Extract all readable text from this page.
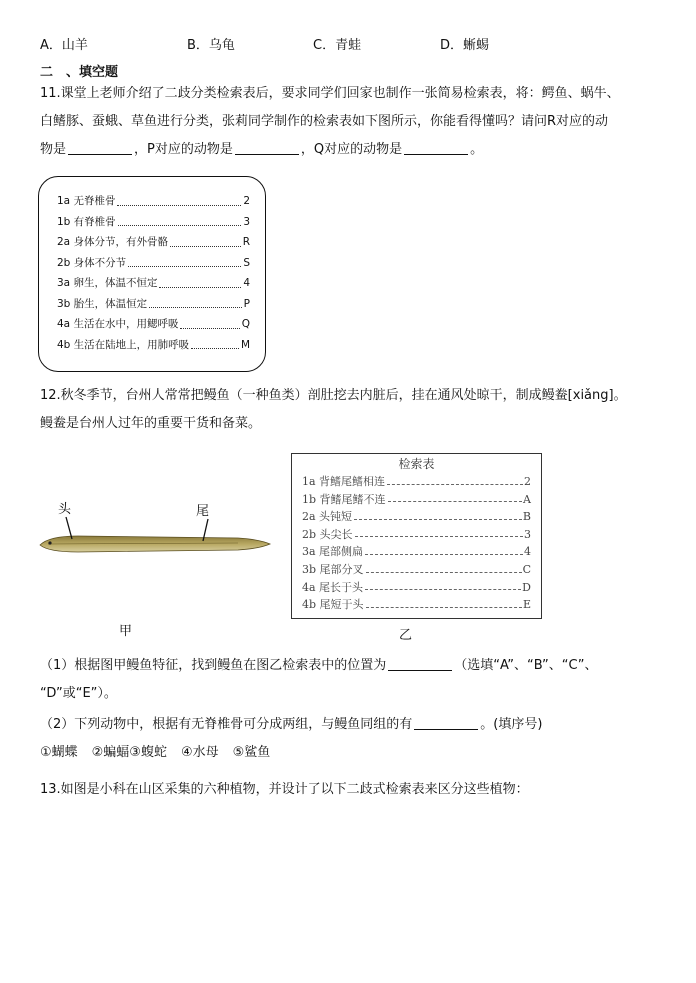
A．山羊	B．乌龟	C．青蛙	D．蜥蜴
二　、填空题
11.课堂上老师介绍了二歧分类检索表后，要求同学们回家也制作一张简易检索表，将：鳄鱼、蜗牛、
白鳍豚、蚕蛾、草鱼进行分类，张莉同学制作的检索表如下图所示，你能看得懂吗？请问R对应的动
物是	，P对应的动物是	，Q对应的动物是	。
1a 无脊椎骨	2
1b 有脊椎骨	3
2a 身体分节，有外骨骼	R
2b 身体不分节	S
3a 卵生，体温不恒定	4
3b 胎生，体温恒定	P
4a 生活在水中，用鳃呼吸	Q
4b 生活在陆地上，用肺呼吸	M
12.秋冬季节，台州人常常把鳗鱼（一种鱼类）剖肚挖去内脏后，挂在通风处晾干，制成鳗鲞[xiǎng]。
鳗鲞是台州人过年的重要干货和备菜。
头	尾
甲
检索表
1a 背鳍尾鳍相连	2
1b 背鳍尾鳍不连	A
2a 头钝短	B
2b 头尖长	3
3a 尾部侧扁	4
3b 尾部分叉	C
4a 尾长于头	D
4b 尾短于头	E
乙
（1）根据图甲鳗鱼特征，找到鳗鱼在图乙检索表中的位置为	（选填“A”、“B”、“C”、
“D”或“E”）。
（2）下列动物中，根据有无脊椎骨可分成两组，与鳗鱼同组的有	。(填序号)
①蝴蝶 ②蝙蝠③蝮蛇 ④水母 ⑤鲨鱼
13.如图是小科在山区采集的六种植物，并设计了以下二歧式检索表来区分这些植物：
